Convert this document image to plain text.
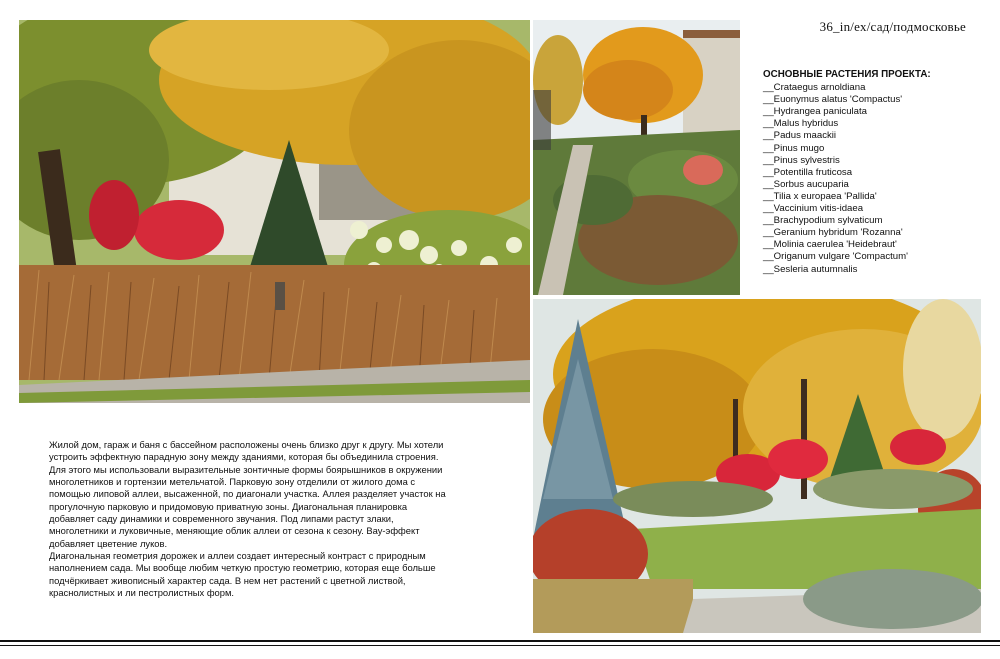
36_in/ex/сад/подмосковье
ОСНОВНЫЕ РАСТЕНИЯ ПРОЕКТА:
__Crataegus arnoldiana
__Euonymus alatus 'Compactus'
__Hydrangea paniculata
__Malus hybridus
__Padus maackii
__Pinus mugo
__Pinus sylvestris
__Potentilla fruticosa
__Sorbus aucuparia
__Tilia x europaea 'Pallida'
__Vaccinium vitis-idaea
__Brachypodium sylvaticum
__Geranium hybridum 'Rozanna'
__Molinia caerulea 'Heidebraut'
__Origanum vulgare 'Compactum'
__Sesleria autumnalis

Жилой дом, гараж и баня с бассейном расположены очень близко друг к другу. Мы хотели устроить эффектную парадную зону между зданиями, которая бы объединила строения. Для этого мы использовали выразительные зонтичные формы боярышников в окружении многолетников и гортензии метельчатой. Парковую зону отделили от жилого дома с помощью липовой аллеи, высаженной, по диагонали участка. Аллея разделяет участок на прогулочную парковую и придомовую приватную зоны. Диагональная планировка добавляет саду динамики и современного звучания. Под липами растут злаки, многолетники и луковичные, меняющие облик аллеи от сезона к сезону. Вау-эффект добавляет цветение луков.

Диагональная геометрия дорожек и аллеи создает интересный контраст с природным наполнением сада. Мы вообще любим четкую простую геометрию, которая еще больше подчёркивает живописный характер сада. В нем нет растений с цветной листвой, краснолистных и ли пестролистных форм.
